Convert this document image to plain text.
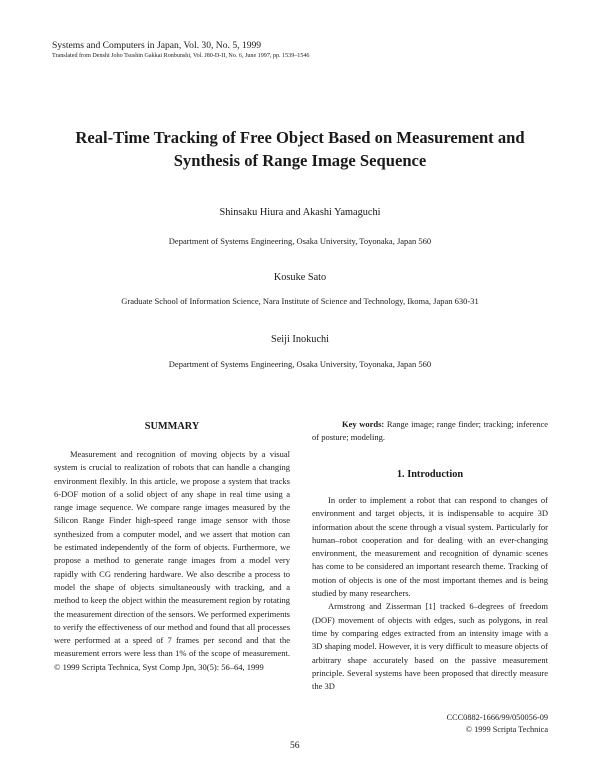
Systems and Computers in Japan, Vol. 30, No. 5, 1999
Translated from Denshi Joho Tsushin Gakkai Ronbunshi, Vol. J80-D-II, No. 6, June 1997, pp. 1539–1546
Real-Time Tracking of Free Object Based on Measurement and
Synthesis of Range Image Sequence
Shinsaku Hiura and Akashi Yamaguchi
Department of Systems Engineering, Osaka University, Toyonaka, Japan 560
Kosuke Sato
Graduate School of Information Science, Nara Institute of Science and Technology, Ikoma, Japan 630-31
Seiji Inokuchi
Department of Systems Engineering, Osaka University, Toyonaka, Japan 560
SUMMARY

Measurement and recognition of moving objects by a visual system is crucial to realization of robots that can handle a changing environment flexibly. In this article, we propose a system that tracks 6-DOF motion of a solid object of any shape in real time using a range image sequence. We compare range images measured by the Silicon Range Finder high-speed range image sensor with those synthesized from a computer model, and we assert that motion can be estimated independently of the form of objects. Furthermore, we propose a method to generate range images from a model very rapidly with CG rendering hardware. We also describe a process to model the shape of objects simultaneously with tracking, and a method to keep the object within the measurement region by rotating the measurement direction of the sensors. We performed experiments to verify the effectiveness of our method and found that all processes were performed at a speed of 7 frames per second and that the measurement errors were less than 1% of the scope of measurement. © 1999 Scripta Technica, Syst Comp Jpn, 30(5): 56–64, 1999

Key words: Range image; range finder; tracking; inference of posture; modeling.

1. Introduction

In order to implement a robot that can respond to changes of environment and target objects, it is indispensable to acquire 3D information about the scene through a visual system. Particularly for human–robot cooperation and for dealing with an ever-changing environment, the measurement and recognition of dynamic scenes has come to be considered an important research theme. Tracking of motion of objects is one of the most important themes and is being studied by many researchers.

Armstrong and Zisserman [1] tracked 6–degrees of freedom (DOF) movement of objects with edges, such as polygons, in real time by comparing edges extracted from an intensity image with a 3D shaping model. However, it is very difficult to measure objects of arbitrary shape accurately based on the passive measurement principle. Several systems have been proposed that directly measure the 3D

CCC0882-1666/99/050056-09
© 1999 Scripta Technica
56
